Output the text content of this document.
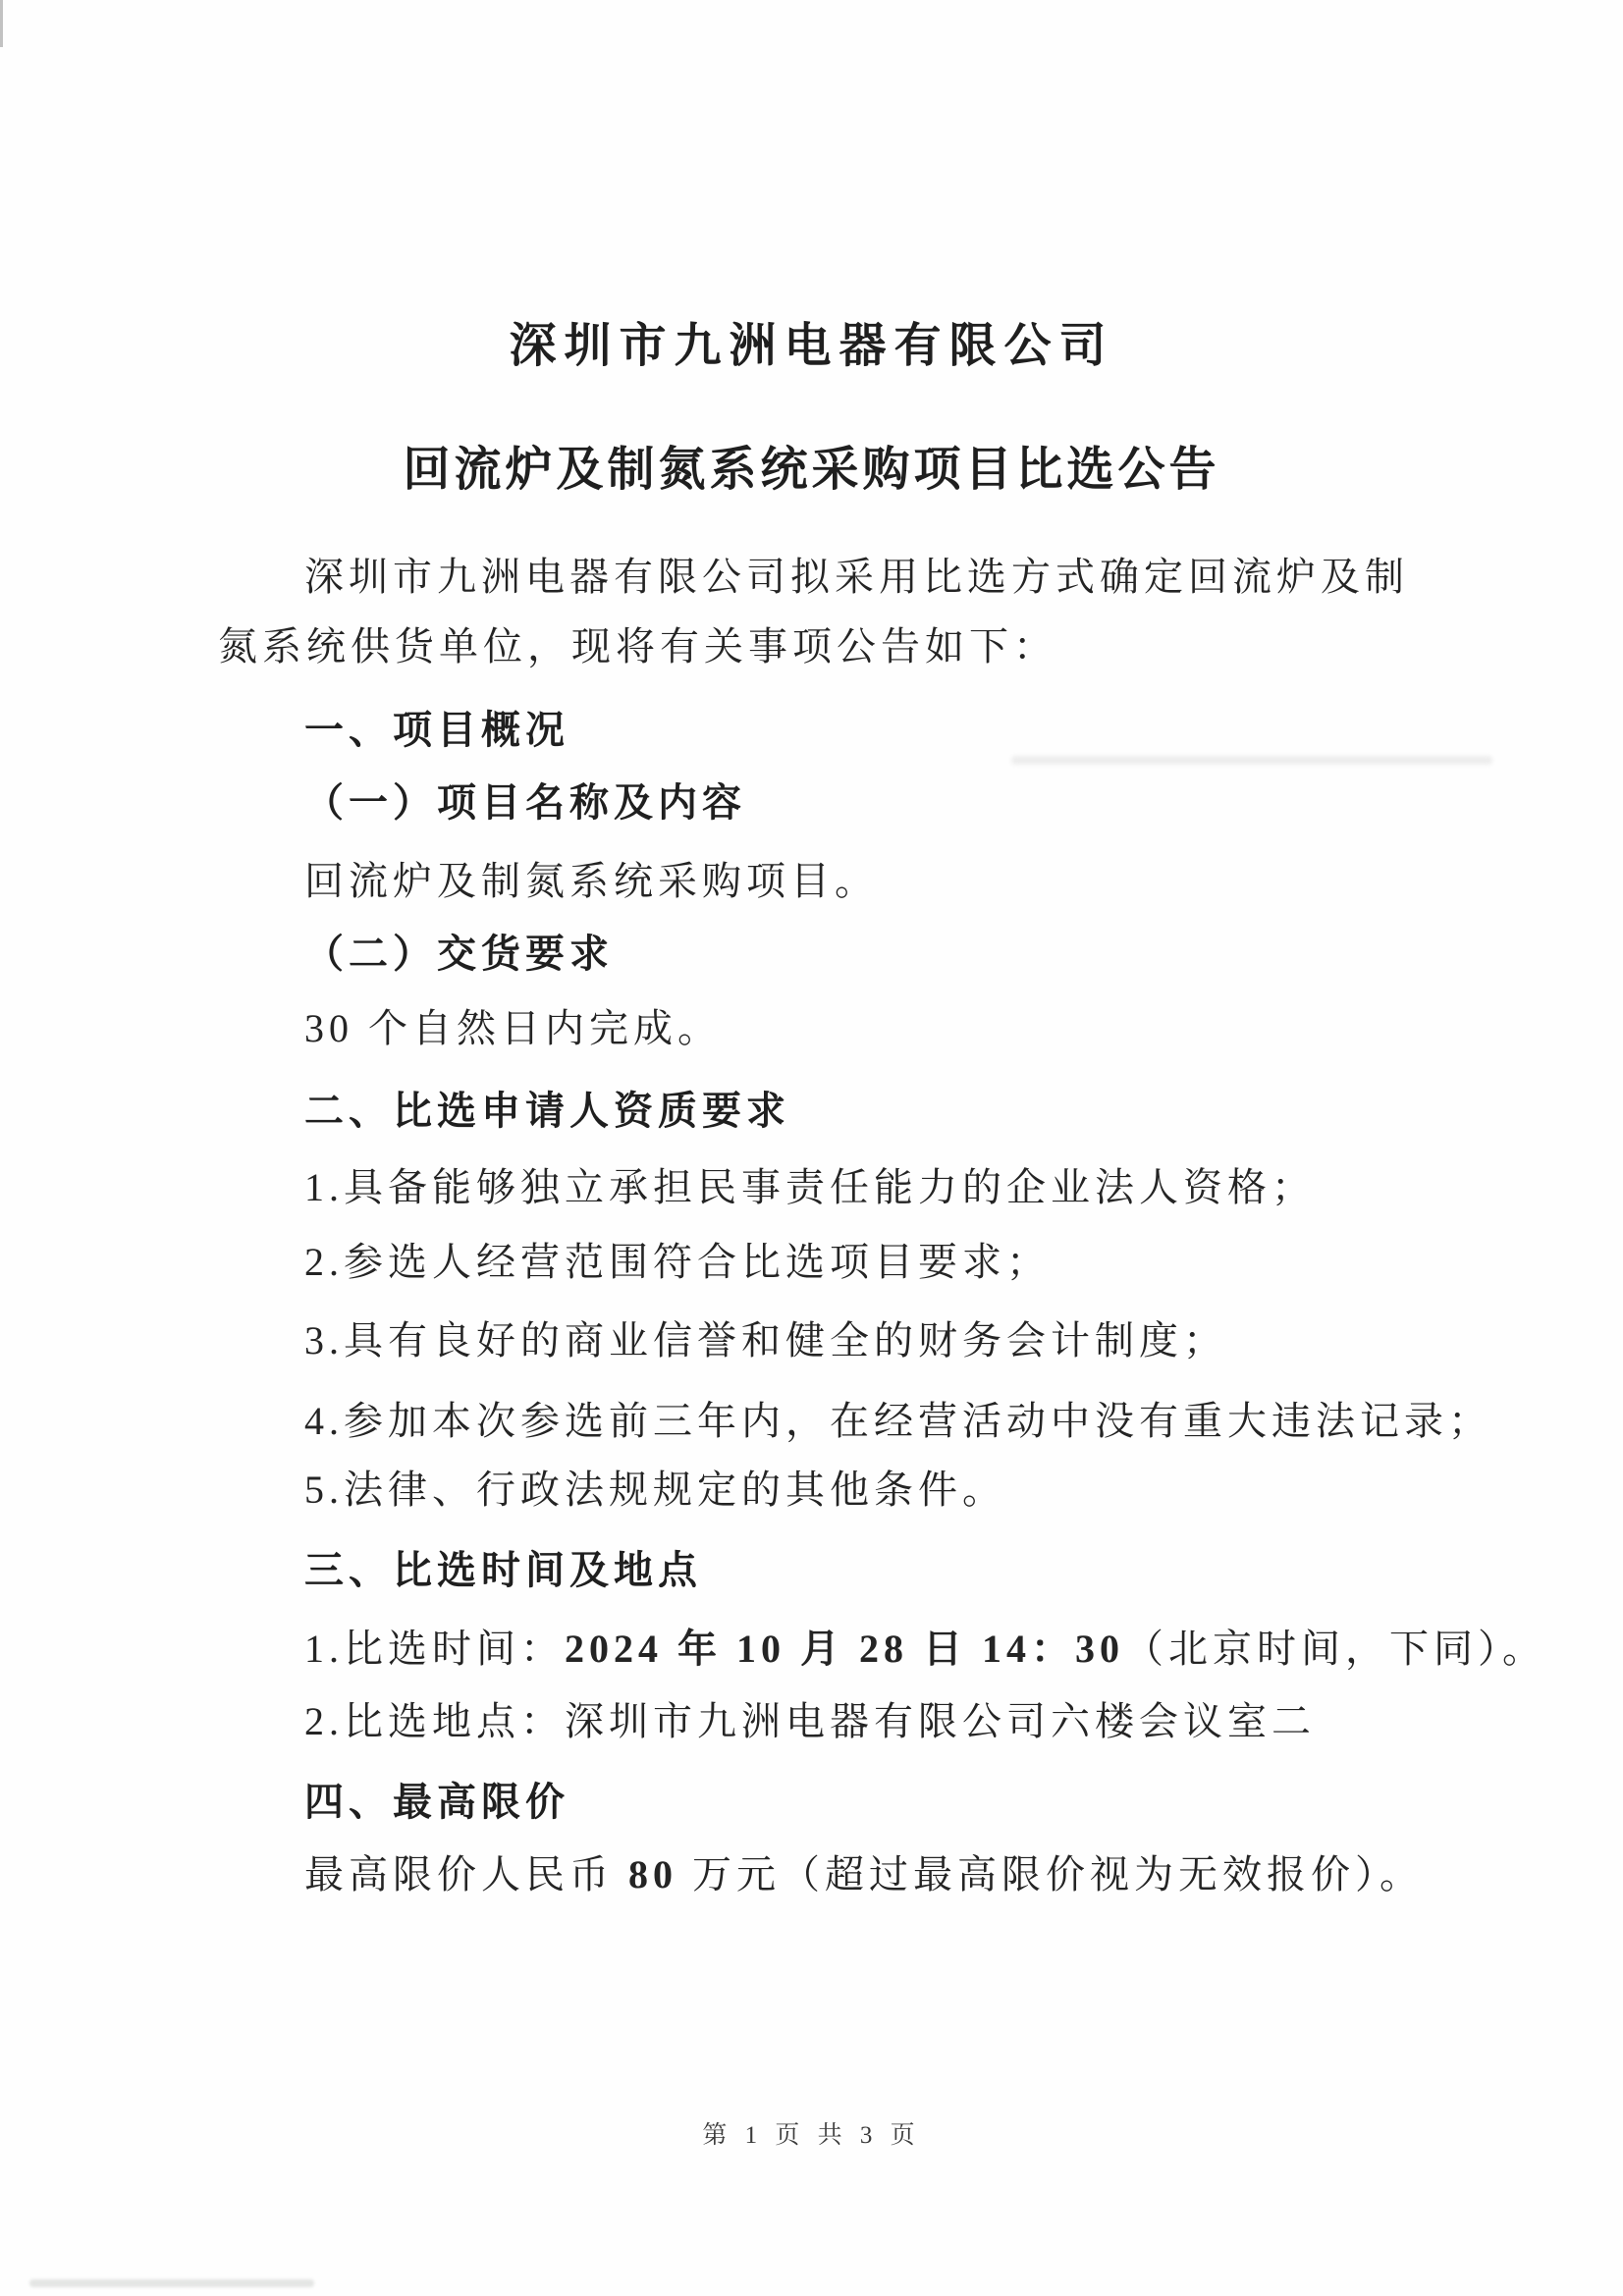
深圳市九洲电器有限公司
回流炉及制氮系统采购项目比选公告
深圳市九洲电器有限公司拟采用比选方式确定回流炉及制
氮系统供货单位，现将有关事项公告如下：
一、项目概况
（一）项目名称及内容
回流炉及制氮系统采购项目。
（二）交货要求
30 个自然日内完成。
二、比选申请人资质要求
1.具备能够独立承担民事责任能力的企业法人资格；
2.参选人经营范围符合比选项目要求；
3.具有良好的商业信誉和健全的财务会计制度；
4.参加本次参选前三年内，在经营活动中没有重大违法记录；
5.法律、行政法规规定的其他条件。
三、比选时间及地点
1.比选时间：2024 年 10 月 28 日 14：30（北京时间，下同）。
2.比选地点：深圳市九洲电器有限公司六楼会议室二
四、最高限价
最高限价人民币 80 万元（超过最高限价视为无效报价）。
第 1 页 共 3 页
